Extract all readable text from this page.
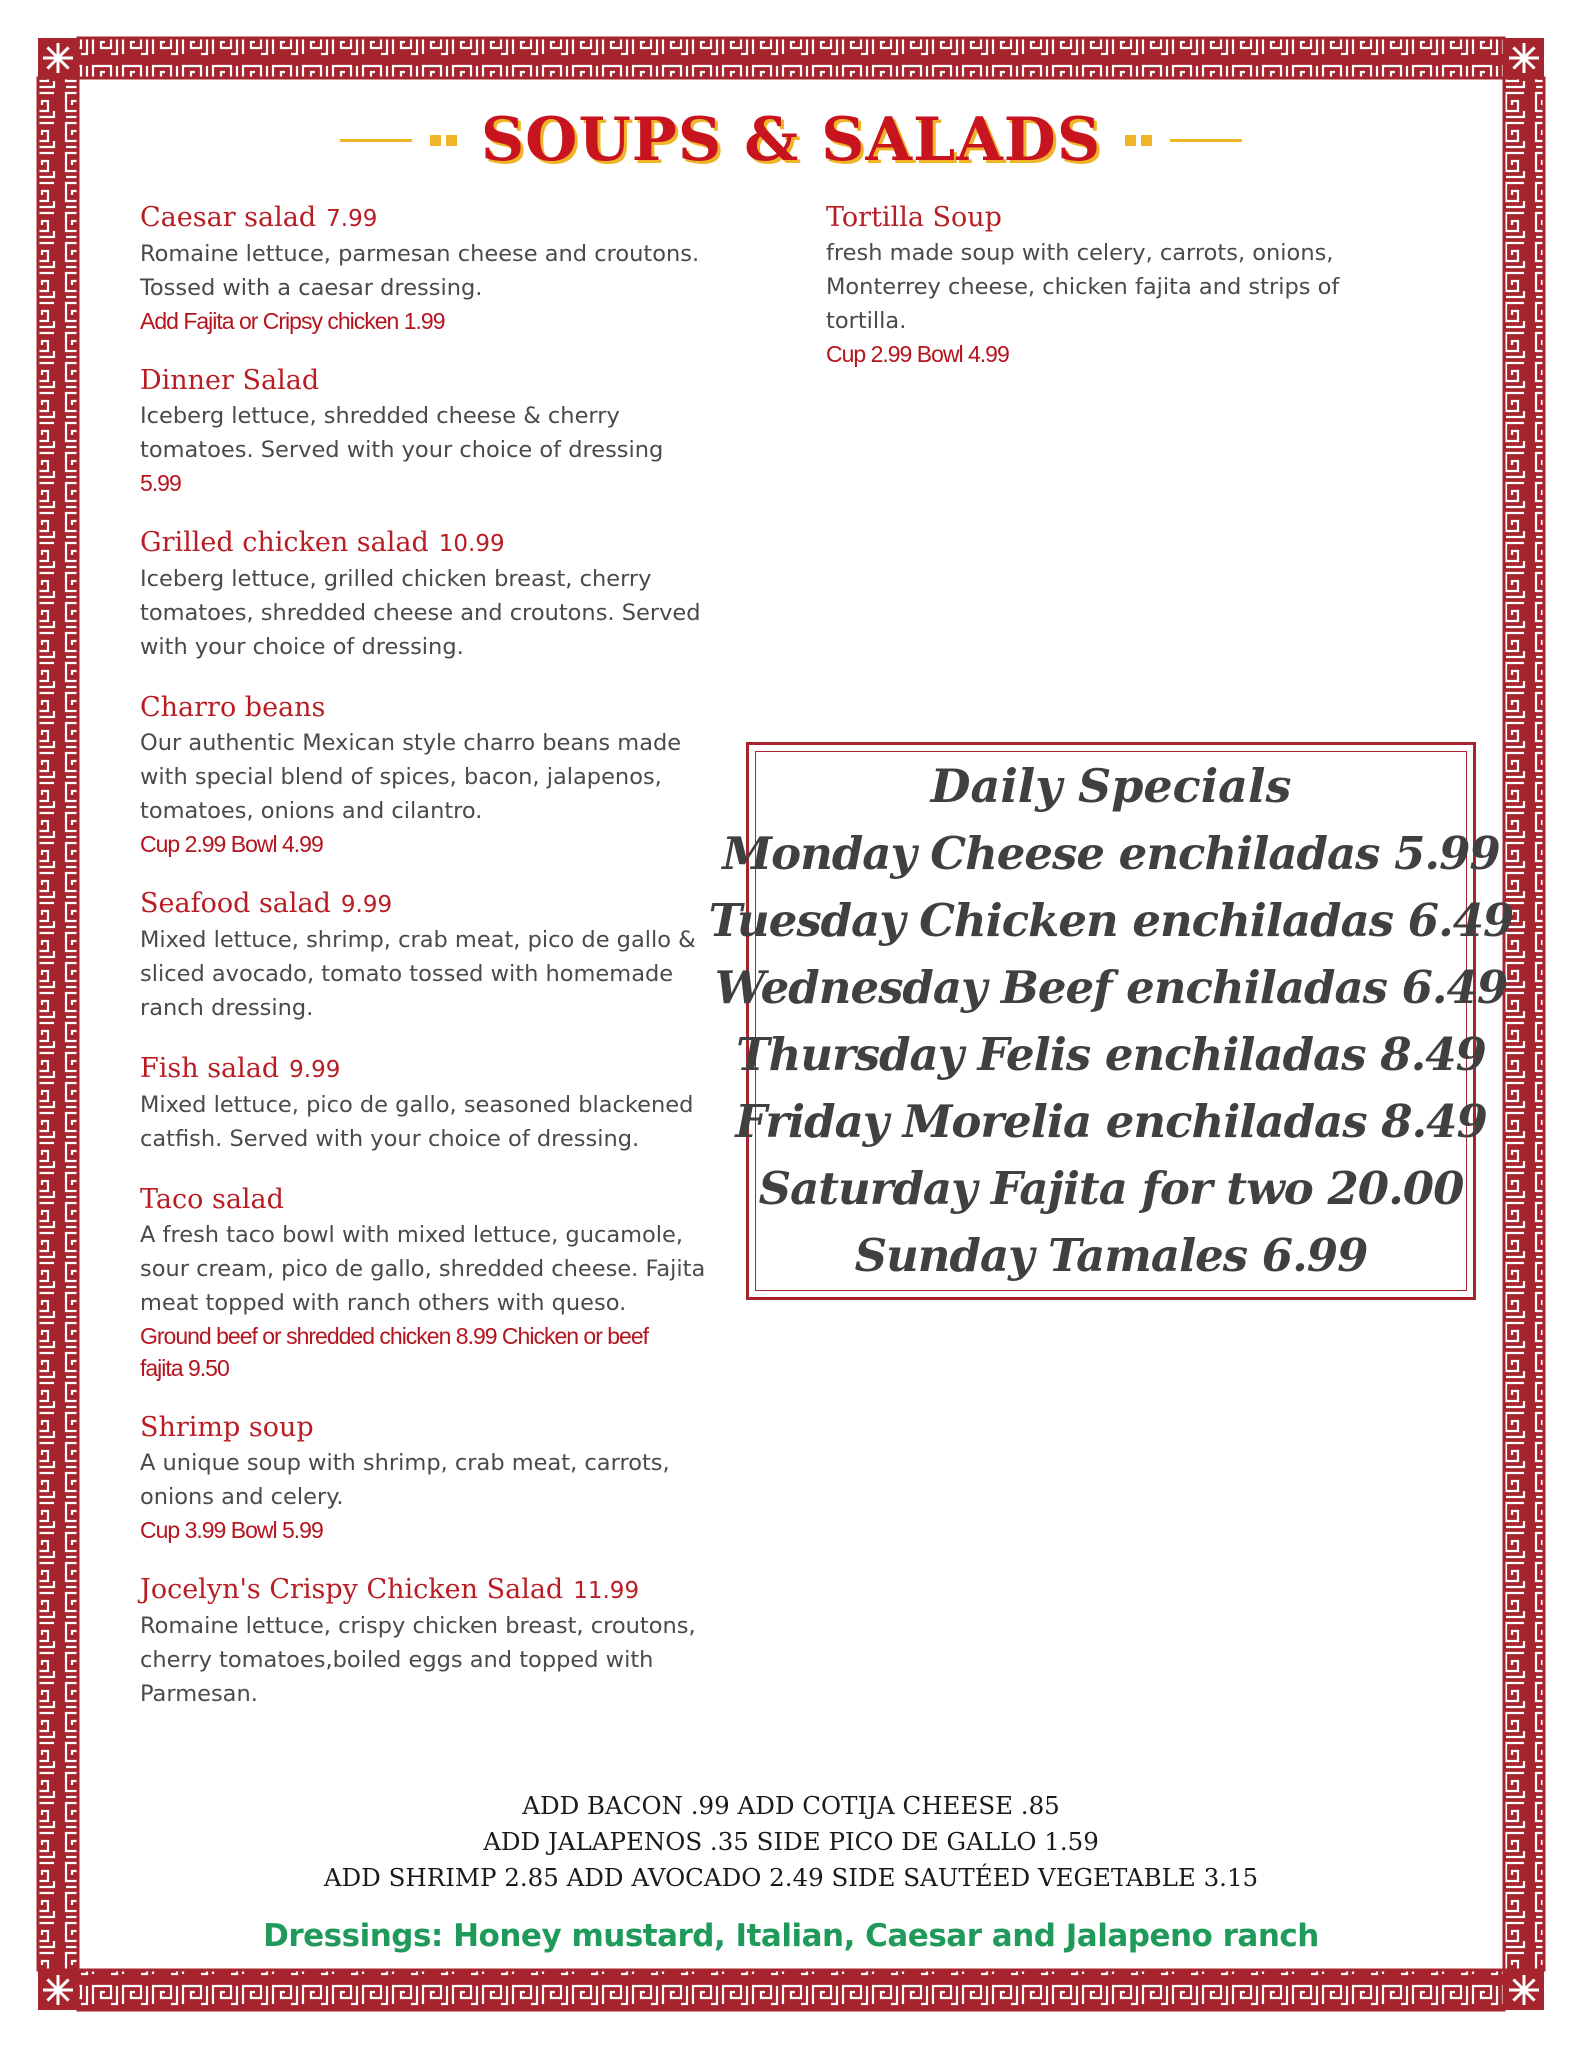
SOUPS & SALADS
Caesar salad 7.99
Romaine lettuce, parmesan cheese and croutons.
Tossed with a caesar dressing.
Add Fajita or Cripsy chicken 1.99
Dinner Salad
Iceberg lettuce, shredded cheese & cherry
tomatoes. Served with your choice of dressing
5.99
Grilled chicken salad 10.99
Iceberg lettuce, grilled chicken breast, cherry
tomatoes, shredded cheese and croutons. Served
with your choice of dressing.
Charro beans
Our authentic Mexican style charro beans made
with special blend of spices, bacon, jalapenos,
tomatoes, onions and cilantro.
Cup 2.99 Bowl 4.99
Seafood salad 9.99
Mixed lettuce, shrimp, crab meat, pico de gallo &
sliced avocado, tomato tossed with homemade
ranch dressing.
Fish salad 9.99
Mixed lettuce, pico de gallo, seasoned blackened
catfish. Served with your choice of dressing.
Taco salad
A fresh taco bowl with mixed lettuce, gucamole,
sour cream, pico de gallo, shredded cheese. Fajita
meat topped with ranch others with queso.
Ground beef or shredded chicken 8.99 Chicken or beef
fajita 9.50
Shrimp soup
A unique soup with shrimp, crab meat, carrots,
onions and celery.
Cup 3.99 Bowl 5.99
Jocelyn's Crispy Chicken Salad 11.99
Romaine lettuce, crispy chicken breast, croutons,
cherry tomatoes,boiled eggs and topped with
Parmesan.
Tortilla Soup
fresh made soup with celery, carrots, onions,
Monterrey cheese, chicken fajita and strips of
tortilla.
Cup 2.99 Bowl 4.99
Daily Specials
Monday Cheese enchiladas 5.99
Tuesday Chicken enchiladas 6.49
Wednesday Beef enchiladas 6.49
Thursday Felis enchiladas 8.49
Friday Morelia enchiladas 8.49
Saturday Fajita for two 20.00
Sunday Tamales 6.99
ADD BACON .99 ADD COTIJA CHEESE .85
ADD JALAPENOS .35 SIDE PICO DE GALLO 1.59
ADD SHRIMP 2.85 ADD AVOCADO 2.49 SIDE SAUTÉED VEGETABLE 3.15
Dressings: Honey mustard, Italian, Caesar and Jalapeno ranch
